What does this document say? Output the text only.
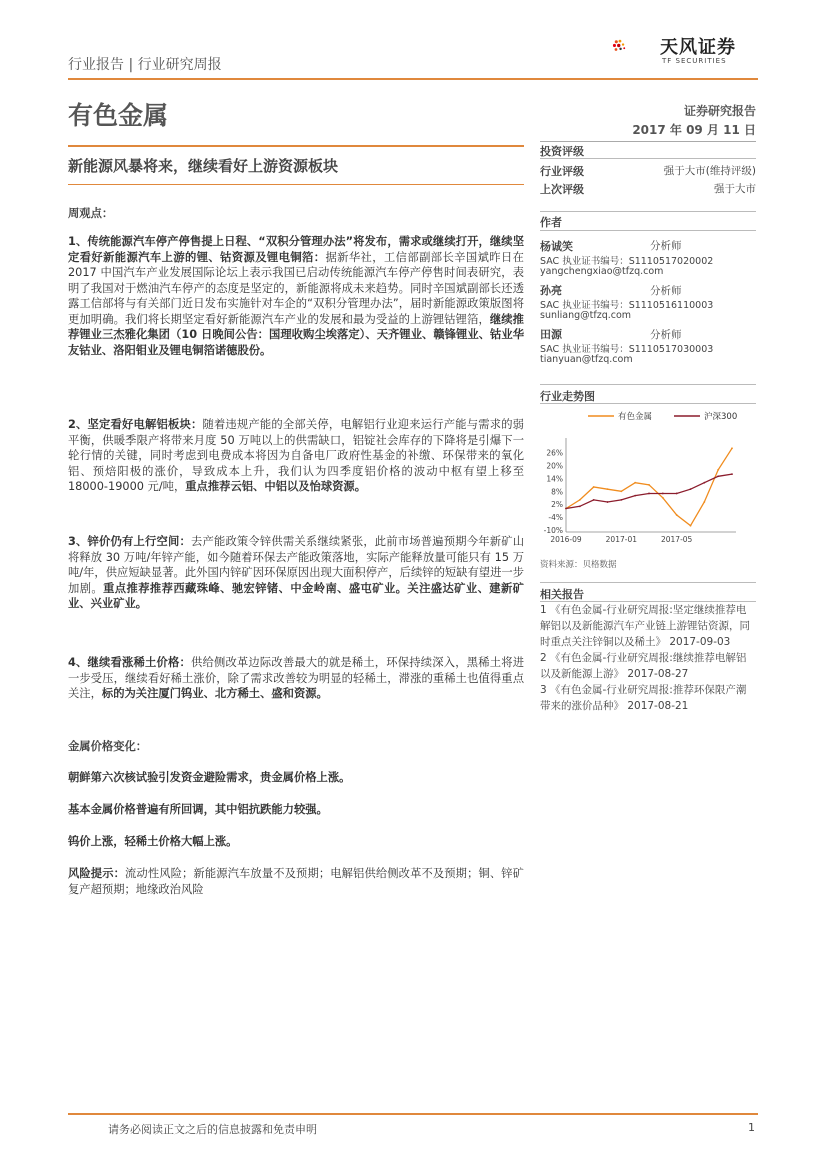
行业报告 | 行业研究周报
天风证券
TF SECURITIES
有色金属	证券研究报告
2017 年 09 月 11 日
新能源风暴将来，继续看好上游资源板块
投资评级
行业评级	强于大市(维持评级)
上次评级	强于大市
作者
杨诚笑	分析师
SAC 执业证书编号：S1110517020002
yangchengxiao@tfzq.com
孙亮	分析师
SAC 执业证书编号：S1110516110003
sunliang@tfzq.com
田源	分析师
SAC 执业证书编号：S1110517030003
tianyuan@tfzq.com
行业走势图
有色金属	沪深300
26%
20%
14%
8%
2%
-4%
-10%
2016-09	2017-01	2017-05
资料来源：贝格数据
相关报告

1 《有色金属-行业研究周报:坚定继续推荐电解铝以及新能源汽车产业链上游锂钴资源，同时重点关注锌铜以及稀土》 2017-09-03

2 《有色金属-行业研究周报:继续推荐电解铝以及新能源上游》 2017-08-27

3 《有色金属-行业研究周报:推荐环保限产潮带来的涨价品种》 2017-08-21

周观点：

1、传统能源汽车停产停售提上日程、“双积分管理办法”将发布，需求或继续打开，继续坚定看好新能源汽车上游的锂、钴资源及锂电铜箔：据新华社，工信部副部长辛国斌昨日在 2017 中国汽车产业发展国际论坛上表示我国已启动传统能源汽车停产停售时间表研究，表明了我国对于燃油汽车停产的态度是坚定的，新能源将成未来趋势。同时辛国斌副部长还透露工信部将与有关部门近日发布实施针对车企的“双积分管理办法”，届时新能源政策版图将更加明确。我们将长期坚定看好新能源汽车产业的发展和最为受益的上游锂钴锂箔，继续推荐锂业三杰雅化集团（10 日晚间公告：国理收购尘埃落定）、天齐锂业、赣锋锂业、钴业华友钴业、洛阳钼业及锂电铜箔诺德股份。

2、坚定看好电解铝板块：随着违规产能的全部关停，电解铝行业迎来运行产能与需求的弱平衡，供暖季限产将带来月度 50 万吨以上的供需缺口，铝锭社会库存的下降将是引爆下一轮行情的关键，同时考虑到电费成本将因为自备电厂政府性基金的补缴、环保带来的氧化铝、预焙阳极的涨价，导致成本上升，我们认为四季度铝价格的波动中枢有望上移至 18000-19000 元/吨，重点推荐云铝、中铝以及怡球资源。

3、锌价仍有上行空间：去产能政策令锌供需关系继续紧张，此前市场普遍预期今年新矿山将释放 30 万吨/年锌产能，如今随着环保去产能政策落地，实际产能释放量可能只有 15 万吨/年，供应短缺显著。此外国内锌矿因环保原因出现大面积停产，后续锌的短缺有望进一步加剧。重点推荐推荐西藏珠峰、驰宏锌锗、中金岭南、盛屯矿业。关注盛达矿业、建新矿业、兴业矿业。

4、继续看涨稀土价格：供给侧改革边际改善最大的就是稀土，环保持续深入，黑稀土将进一步受压，继续看好稀土涨价，除了需求改善较为明显的轻稀土，滞涨的重稀土也值得重点关注，标的为关注厦门钨业、北方稀土、盛和资源。

金属价格变化：
朝鲜第六次核试验引发资金避险需求，贵金属价格上涨。
基本金属价格普遍有所回调，其中铝抗跌能力较强。
钨价上涨，轻稀土价格大幅上涨。

风险提示：流动性风险；新能源汽车放量不及预期；电解铝供给侧改革不及预期；铜、锌矿复产超预期；地缘政治风险

请务必阅读正文之后的信息披露和免责申明	1
